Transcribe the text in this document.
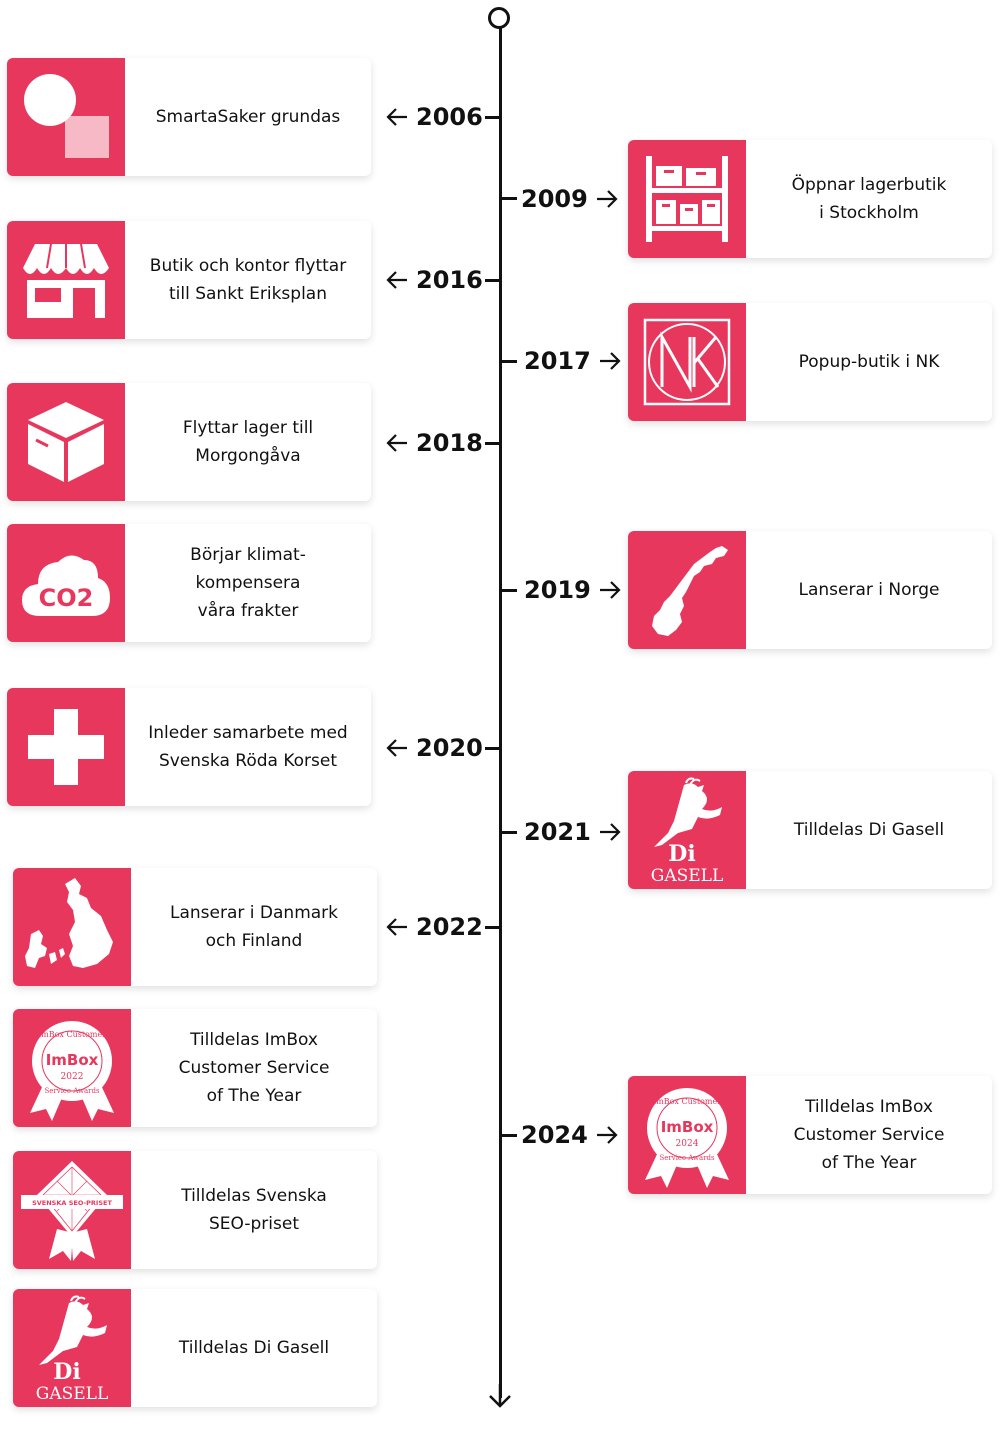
2006
2016
2018
2020
2022
2009
2017
2019
2021
2024
SmartaSaker grundas
Butik och kontor flyttar
till Sankt Eriksplan
Flyttar lager till
Morgongåva
CO2
Börjar klimat-
kompensera
våra frakter
Inleder samarbete med
Svenska Röda Korset
Lanserar i Danmark
och Finland
ImBox Customer
ImBox
2022
Service Awards
Tilldelas ImBox
Customer Service
of The Year
SVENSKA SEO-PRISET	Tilldelas Svenska
SEO-priset
Di
GASELL
Tilldelas Di Gasell
Öppnar lagerbutik
i Stockholm
Popup-butik i NK
Lanserar i Norge
Di
GASELL
Tilldelas Di Gasell
ImBox Customer
ImBox
2024
Service Awards
Tilldelas ImBox
Customer Service
of The Year
